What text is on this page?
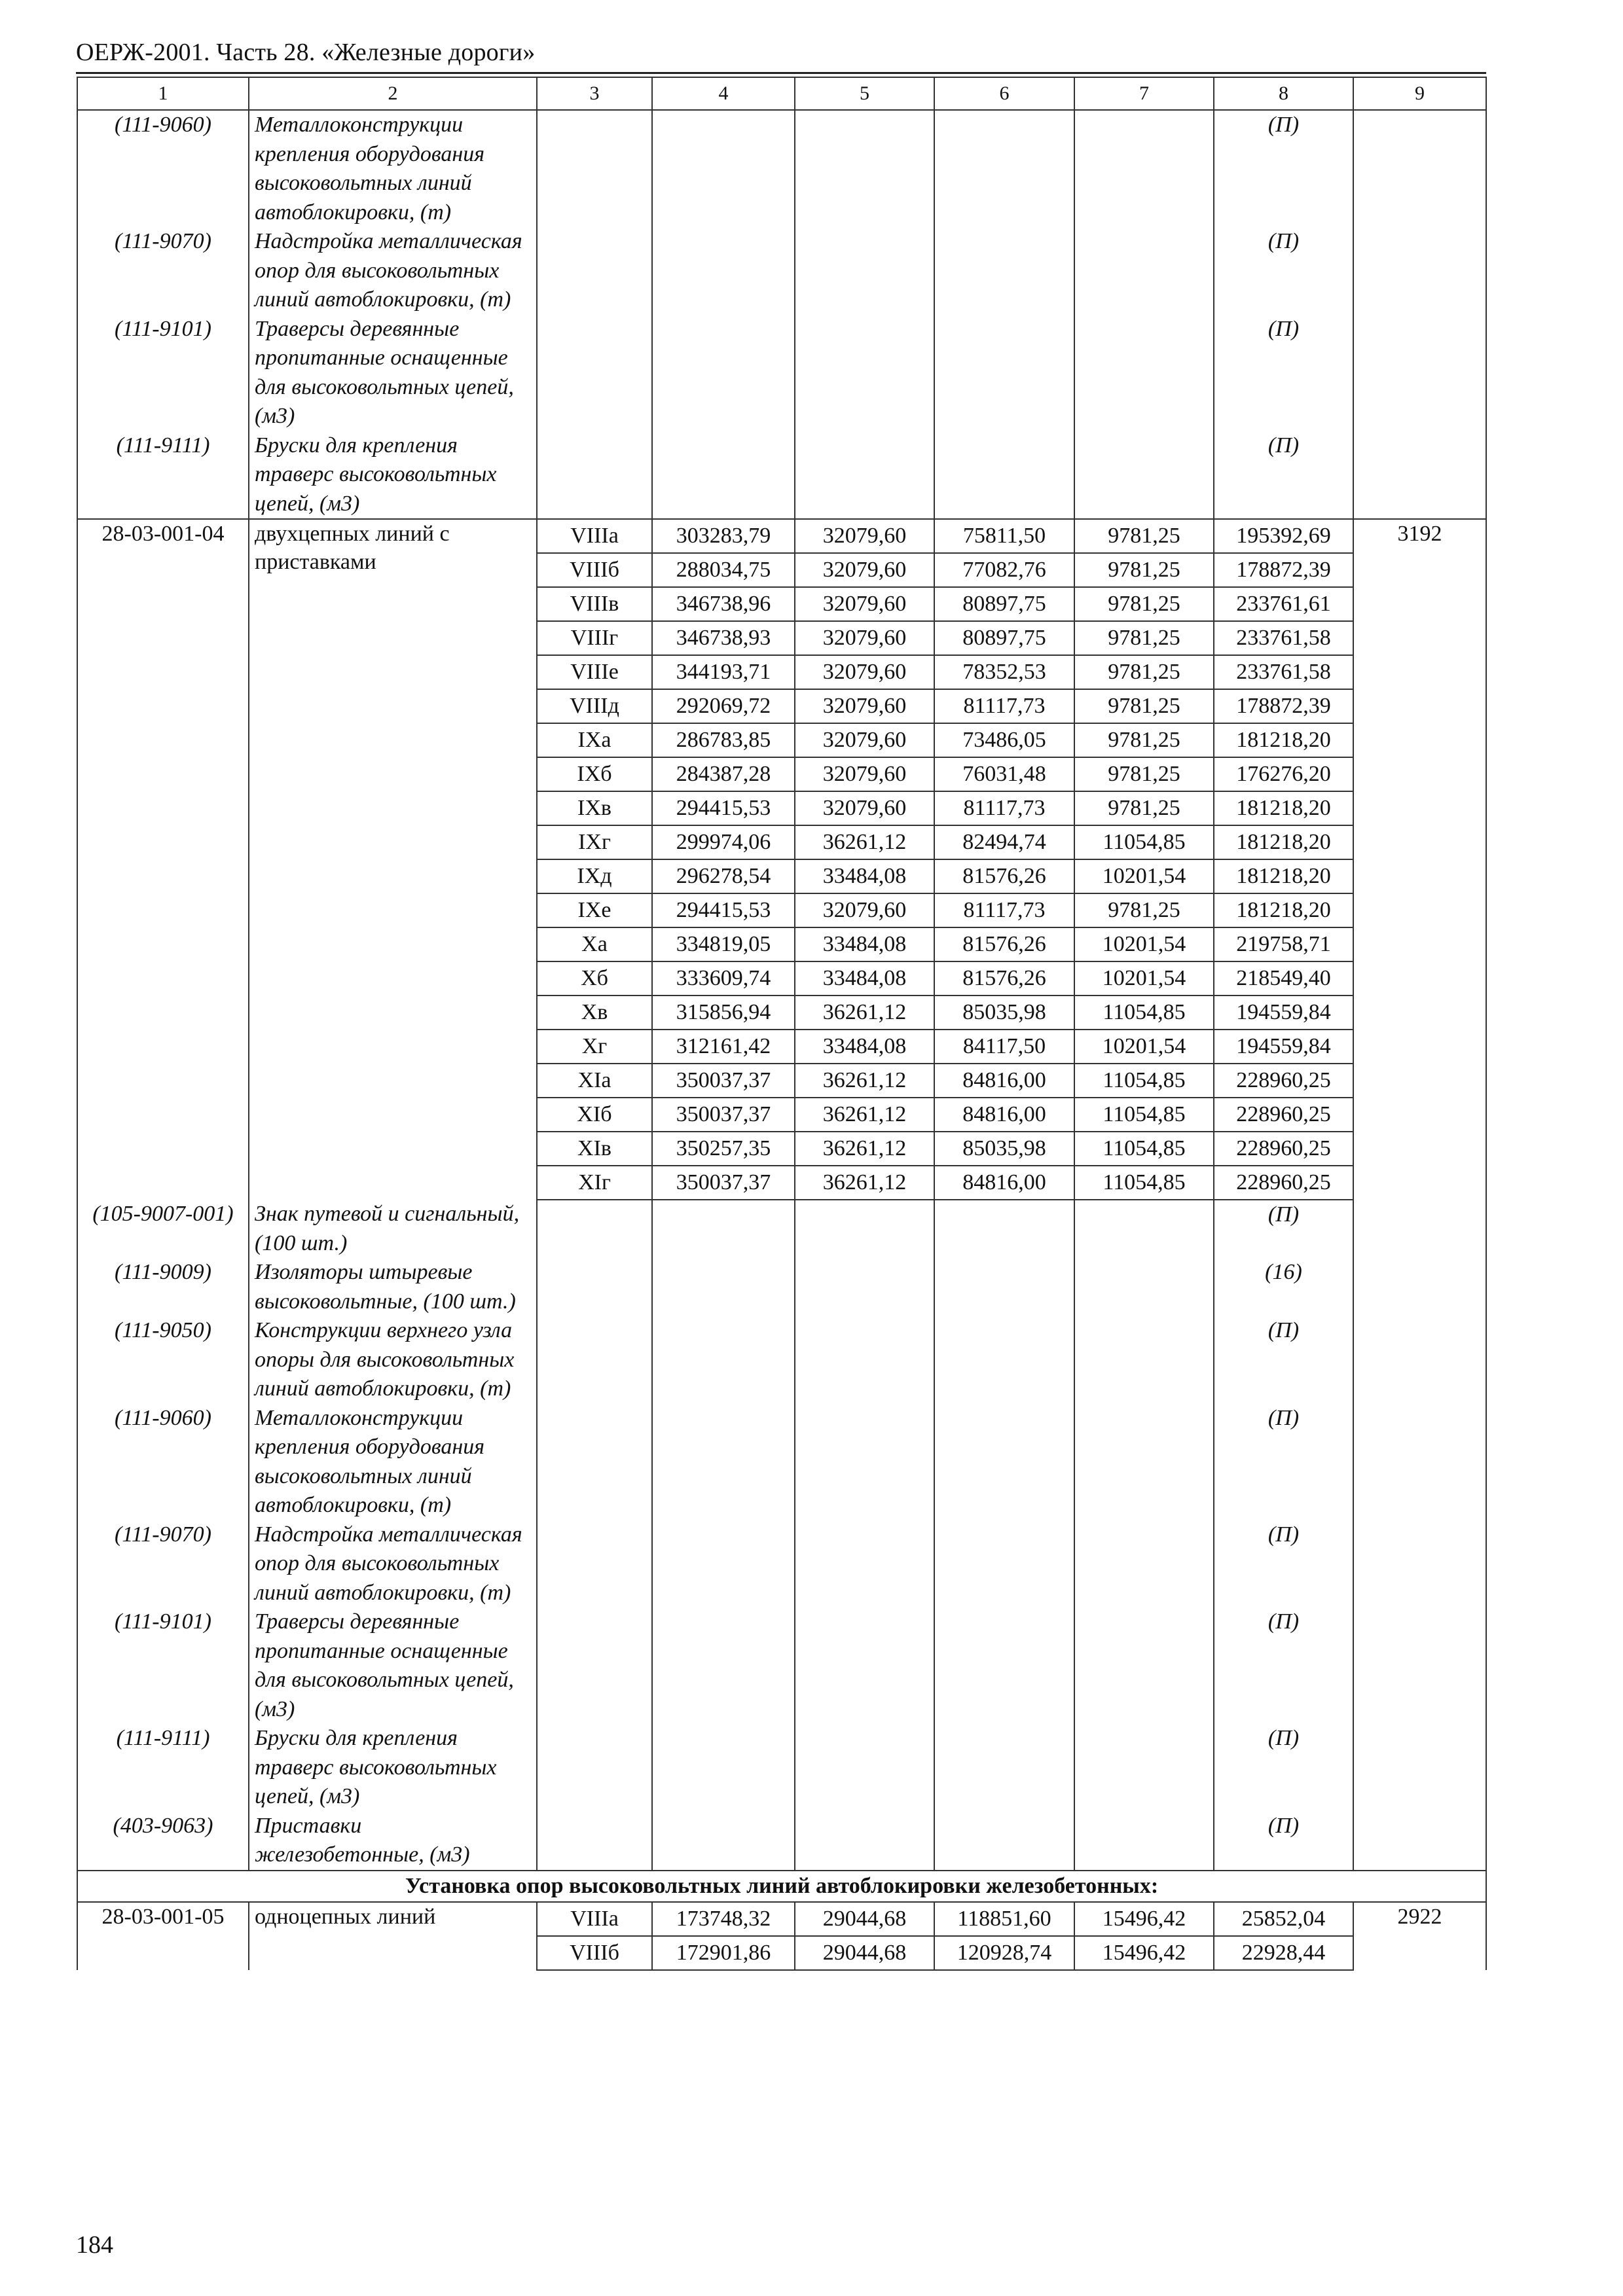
ОЕРЖ-2001. Часть 28. «Железные дороги»
1	2	3	4	5	6	7	8	9
(111-9060)	Металлоконструкции крепления оборудования высоковольтных линий автоблокировки, (т)						(П)	
(111-9070)	Надстройка металлическая опор для высоковольтных линий автоблокировки, (т)						(П)	
(111-9101)	Траверсы деревянные пропитанные оснащенные для высоковольтных цепей, (м3)						(П)	
(111-9111)	Бруски для крепления траверс высоковольтных цепей, (м3)						(П)	
28-03-001-04	двухцепных линий с приставками	VIIIа	303283,79	32079,60	75811,50	9781,25	195392,69	3192
		VIIIб	288034,75	32079,60	77082,76	9781,25	178872,39	
		VIIIв	346738,96	32079,60	80897,75	9781,25	233761,61	
		VIIIг	346738,93	32079,60	80897,75	9781,25	233761,58	
		VIIIе	344193,71	32079,60	78352,53	9781,25	233761,58	
		VIIIд	292069,72	32079,60	81117,73	9781,25	178872,39	
		IXа	286783,85	32079,60	73486,05	9781,25	181218,20	
		IXб	284387,28	32079,60	76031,48	9781,25	176276,20	
		IXв	294415,53	32079,60	81117,73	9781,25	181218,20	
		IXг	299974,06	36261,12	82494,74	11054,85	181218,20	
		IXд	296278,54	33484,08	81576,26	10201,54	181218,20	
		IXе	294415,53	32079,60	81117,73	9781,25	181218,20	
		Xа	334819,05	33484,08	81576,26	10201,54	219758,71	
		Xб	333609,74	33484,08	81576,26	10201,54	218549,40	
		Xв	315856,94	36261,12	85035,98	11054,85	194559,84	
		Xг	312161,42	33484,08	84117,50	10201,54	194559,84	
		XIа	350037,37	36261,12	84816,00	11054,85	228960,25	
		XIб	350037,37	36261,12	84816,00	11054,85	228960,25	
		XIв	350257,35	36261,12	85035,98	11054,85	228960,25	
		XIг	350037,37	36261,12	84816,00	11054,85	228960,25	
(105-9007-001)	Знак путевой и сигнальный, (100 шт.)						(П)	
(111-9009)	Изоляторы штыревые высоковольтные, (100 шт.)						(16)	
(111-9050)	Конструкции верхнего узла опоры для высоковольтных линий автоблокировки, (т)						(П)	
(111-9060)	Металлоконструкции крепления оборудования высоковольтных линий автоблокировки, (т)						(П)	
(111-9070)	Надстройка металлическая опор для высоковольтных линий автоблокировки, (т)						(П)	
(111-9101)	Траверсы деревянные пропитанные оснащенные для высоковольтных цепей, (м3)						(П)	
(111-9111)	Бруски для крепления траверс высоковольтных цепей, (м3)						(П)	
(403-9063)	Приставки железобетонные, (м3)						(П)	
Установка опор высоковольтных линий автоблокировки железобетонных:								
28-03-001-05	одноцепных линий	VIIIа	173748,32	29044,68	118851,60	15496,42	25852,04	2922
		VIIIб	172901,86	29044,68	120928,74	15496,42	22928,44	
184
